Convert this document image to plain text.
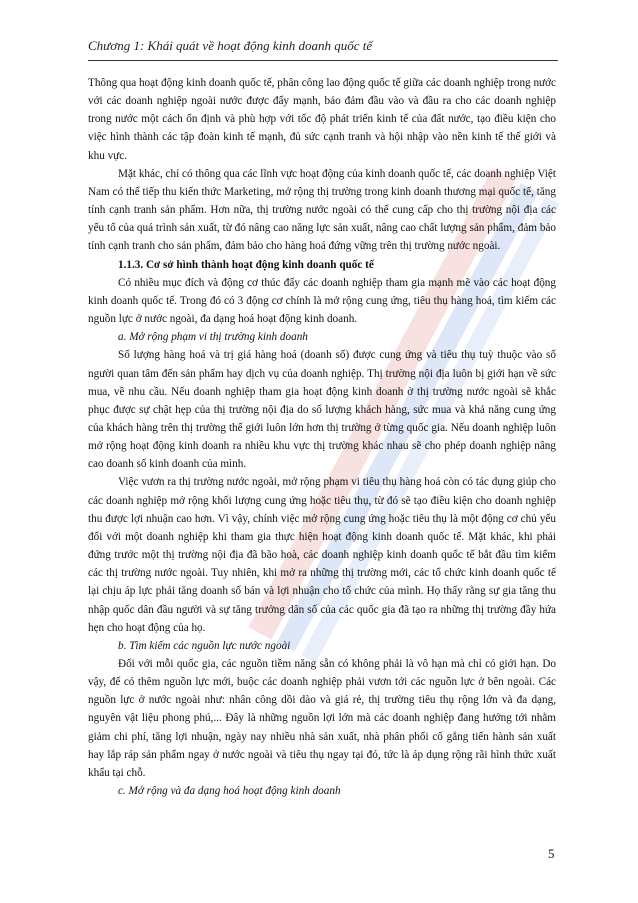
Chương 1: Khái quát về hoạt động kinh doanh quốc tế

Thông qua hoạt động kinh doanh quốc tế, phân công lao động quốc tế giữa các doanh nghiệp trong nước với các doanh nghiệp ngoài nước được đẩy mạnh, bảo đảm đầu vào và đầu ra cho các doanh nghiệp trong nước một cách ổn định và phù hợp với tốc độ phát triển kinh tế của đất nước, tạo điều kiện cho việc hình thành các tập đoàn kinh tế mạnh, đủ sức cạnh tranh và hội nhập vào nền kinh tế thế giới và khu vực.

Mặt khác, chỉ có thông qua các lĩnh vực hoạt động của kinh doanh quốc tế, các doanh nghiệp Việt Nam có thể tiếp thu kiến thức Marketing, mở rộng thị trường trong kinh doanh thương mại quốc tế, tăng tính cạnh tranh sản phẩm. Hơn nữa, thị trường nước ngoài có thể cung cấp cho thị trường nội địa các yếu tố của quá trình sản xuất, từ đó nâng cao năng lực sản xuất, nâng cao chất lượng sản phẩm, đảm bảo tính cạnh tranh cho sản phẩm, đảm bảo cho hàng hoá đứng vững trên thị trường nước ngoài.

1.1.3. Cơ sở hình thành hoạt động kinh doanh quốc tế

Có nhiều mục đích và động cơ thúc đẩy các doanh nghiệp tham gia mạnh mẽ vào các hoạt động kinh doanh quốc tế. Trong đó có 3 động cơ chính là mở rộng cung ứng, tiêu thụ hàng hoá, tìm kiếm các nguồn lực ở nước ngoài, đa dạng hoá hoạt động kinh doanh.

a. Mở rộng phạm vi thị trường kinh doanh

Số lượng hàng hoá và trị giá hàng hoá (doanh số) được cung ứng và tiêu thụ tuỳ thuộc vào số người quan tâm đến sản phẩm hay dịch vụ của doanh nghiệp. Thị trường nội địa luôn bị giới hạn về sức mua, về nhu cầu. Nếu doanh nghiệp tham gia hoạt động kinh doanh ở thị trường nước ngoài sẽ khắc phục được sự chật hẹp của thị trường nội địa do số lượng khách hàng, sức mua và khả năng cung ứng của khách hàng trên thị trường thế giới luôn lớn hơn thị trường ở từng quốc gia. Nếu doanh nghiệp luôn mở rộng hoạt động kinh doanh ra nhiều khu vực thị trường khác nhau sẽ cho phép doanh nghiệp nâng cao doanh số kinh doanh của mình.

Việc vươn ra thị trường nước ngoài, mở rộng phạm vi tiêu thụ hàng hoá còn có tác dụng giúp cho các doanh nghiệp mở rộng khối lượng cung ứng hoặc tiêu thụ, từ đó sẽ tạo điều kiện cho doanh nghiệp thu được lợi nhuận cao hơn. Vì vậy, chính việc mở rộng cung ứng hoặc tiêu thụ là một động cơ chủ yếu đối với một doanh nghiệp khi tham gia thực hiện hoạt động kinh doanh quốc tế. Mặt khác, khi phải đứng trước một thị trường nội địa đã bão hoà, các doanh nghiệp kinh doanh quốc tế bắt đầu tìm kiếm các thị trường nước ngoài. Tuy nhiên, khi mở ra những thị trường mới, các tổ chức kinh doanh quốc tế lại chịu áp lực phải tăng doanh số bán và lợi nhuận cho tổ chức của mình. Họ thấy rằng sự gia tăng thu nhập quốc dân đầu người và sự tăng trưởng dân số của các quốc gia đã tạo ra những thị trường đầy hứa hẹn cho hoạt động của họ.

b. Tìm kiếm các nguồn lực nước ngoài

Đối với mỗi quốc gia, các nguồn tiềm năng sẵn có không phải là vô hạn mà chỉ có giới hạn. Do vậy, để có thêm nguồn lực mới, buộc các doanh nghiệp phải vươn tới các nguồn lực ở bên ngoài. Các nguồn lực ở nước ngoài như: nhân công dồi dào và giá rẻ, thị trường tiêu thụ rộng lớn và đa dạng, nguyên vật liệu phong phú,... Đây là những nguồn lợi lớn mà các doanh nghiệp đang hướng tới nhằm giảm chi phí, tăng lợi nhuận, ngày nay nhiều nhà sản xuất, nhà phân phối cố gắng tiến hành sản xuất hay lắp ráp sản phẩm ngay ở nước ngoài và tiêu thụ ngay tại đó, tức là áp dụng rộng rãi hình thức xuất khẩu tại chỗ.

c. Mở rộng và đa dạng hoá hoạt động kinh doanh

5
